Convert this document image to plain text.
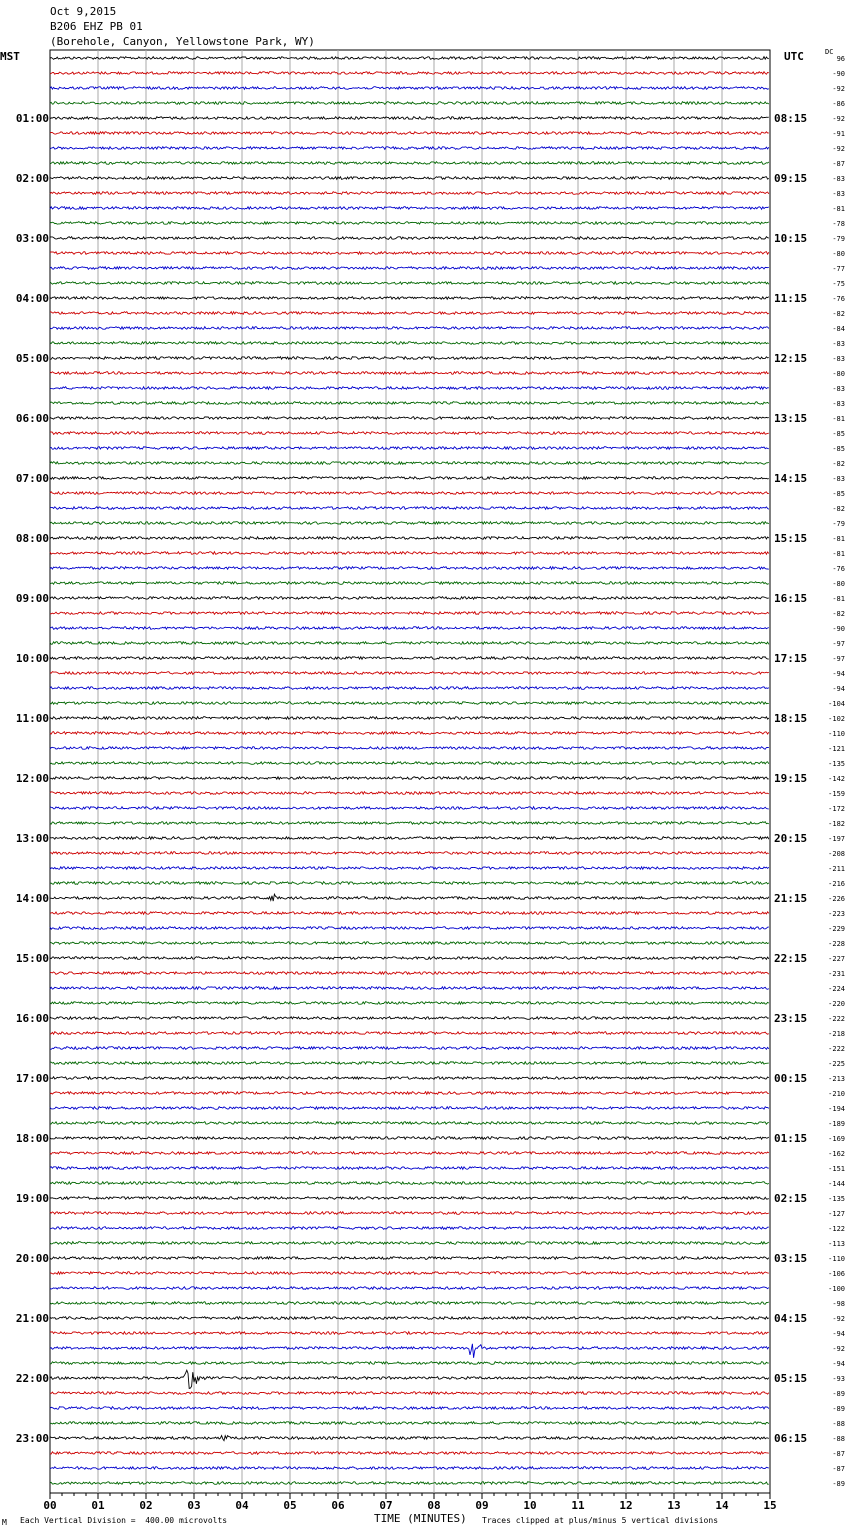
Oct 9,2015
B206 EHZ PB 01
(Borehole, Canyon, Yellowstone Park, WY)
MST	UTC	DC
00	01	02	03	04	05	06	07	08	09	10	11	12	13	14	15
96
-90
-92
-86
01:00	08:15	-92
-91
-92
-87
02:00	09:15	-83
-83
-81
-78
03:00	10:15	-79
-80
-77
-75
04:00	11:15	-76
-82
-84
-83
05:00	12:15	-83
-80
-83
-83
06:00	13:15	-81
-85
-85
-82
07:00	14:15	-83
-85
-82
-79
08:00	15:15	-81
-81
-76
-80
09:00	16:15	-81
-82
-90
-97
10:00	17:15	-97
-94
-94
-104
11:00	18:15	-102
-110
-121
-135
12:00	19:15	-142
-159
-172
-182
13:00	20:15	-197
-208
-211
-216
14:00	21:15	-226
-223
-229
-228
15:00	22:15	-227
-231
-224
-220
16:00	23:15	-222
-218
-222
-225
17:00	00:15	-213
-210
-194
-189
18:00	01:15	-169
-162
-151
-144
19:00	02:15	-135
-127
-122
-113
20:00	03:15	-110
-106
-100
-98
21:00	04:15	-92
-94
-92
-94
22:00	05:15	-93
-89
-89
-88
23:00	06:15	-88
-87
-87
-89
M Each Vertical Division =  400.00 microvolts	TIME (MINUTES) Traces clipped at plus/minus 5 vertical divisions
